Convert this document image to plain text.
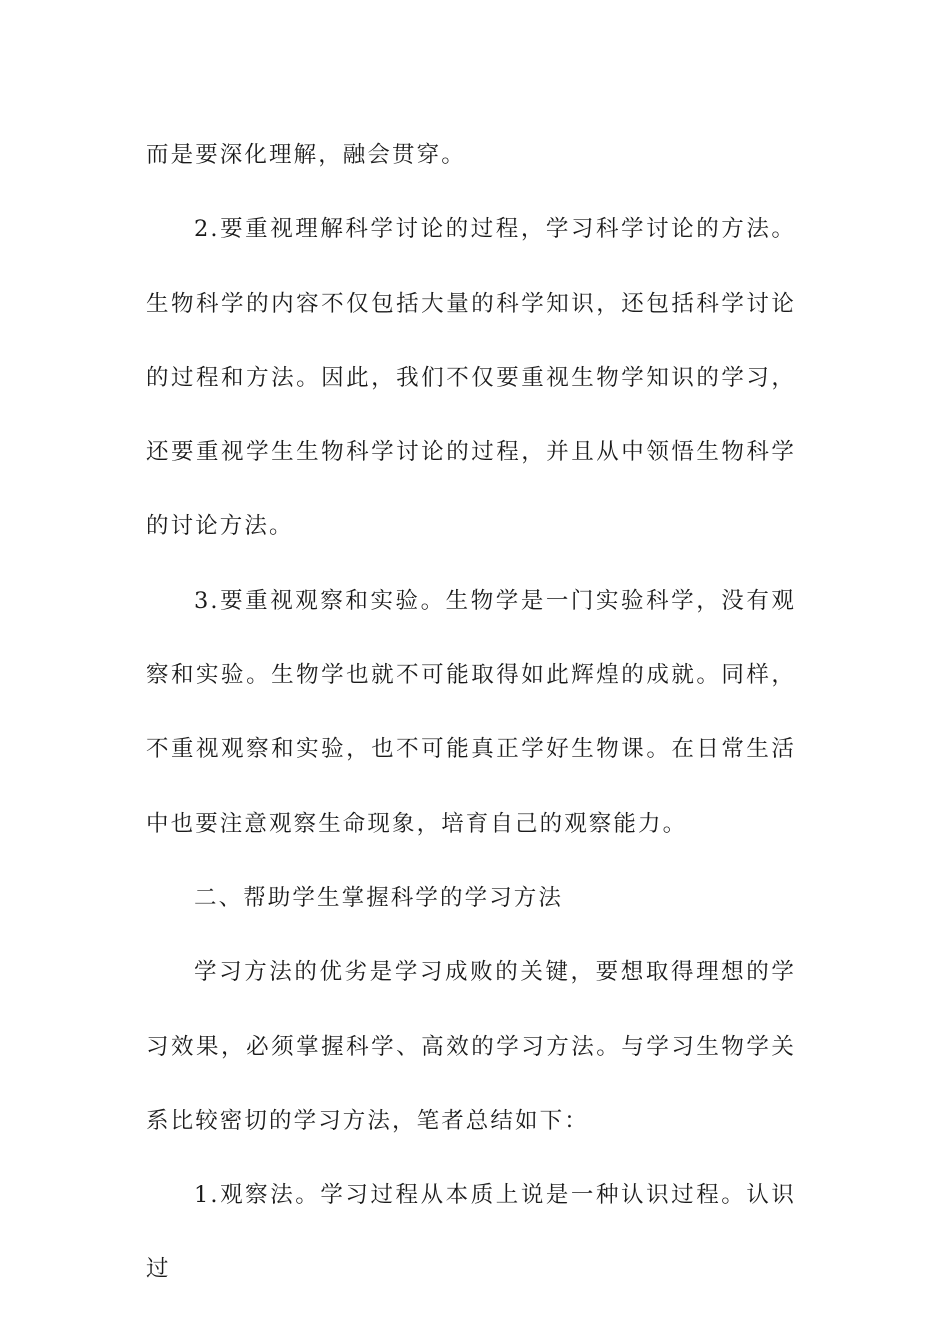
而是要深化理解，融会贯穿。

2.要重视理解科学讨论的过程，学习科学讨论的方法。生物科学的内容不仅包括大量的科学知识，还包括科学讨论的过程和方法。因此，我们不仅要重视生物学知识的学习，还要重视学生生物科学讨论的过程，并且从中领悟生物科学的讨论方法。

3.要重视观察和实验。生物学是一门实验科学，没有观察和实验。生物学也就不可能取得如此辉煌的成就。同样，不重视观察和实验，也不可能真正学好生物课。在日常生活中也要注意观察生命现象，培育自己的观察能力。

二、帮助学生掌握科学的学习方法

学习方法的优劣是学习成败的关键，要想取得理想的学习效果，必须掌握科学、高效的学习方法。与学习生物学关系比较密切的学习方法，笔者总结如下：

1.观察法。学习过程从本质上说是一种认识过程。认识过
